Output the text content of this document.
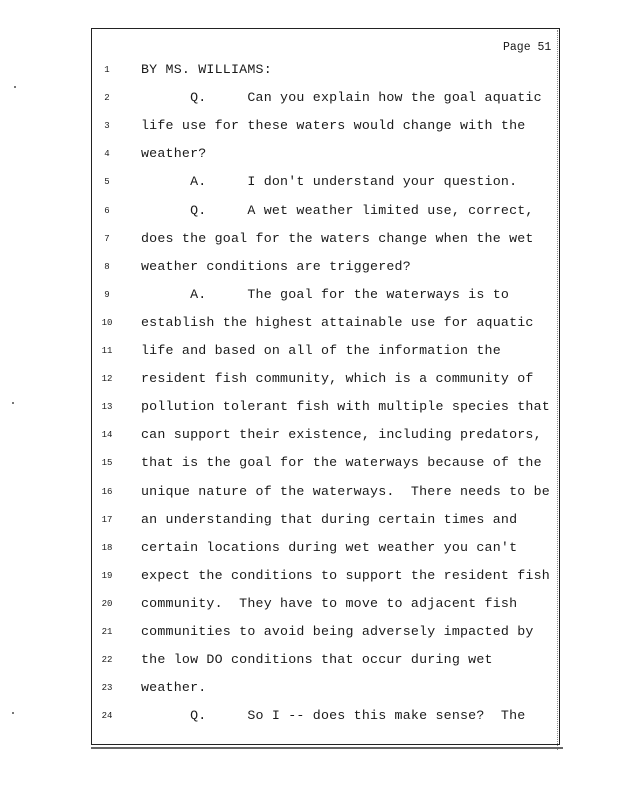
Page 51
1	BY MS. WILLIAMS:
2	Q.     Can you explain how the goal aquatic
3	life use for these waters would change with the
4	weather?
5	A.     I don't understand your question.
6	Q.     A wet weather limited use, correct,
7	does the goal for the waters change when the wet
8	weather conditions are triggered?
9	A.     The goal for the waterways is to
10	establish the highest attainable use for aquatic
11	life and based on all of the information the
12	resident fish community, which is a community of
13	pollution tolerant fish with multiple species that
14	can support their existence, including predators,
15	that is the goal for the waterways because of the
16	unique nature of the waterways.  There needs to be
17	an understanding that during certain times and
18	certain locations during wet weather you can't
19	expect the conditions to support the resident fish
20	community.  They have to move to adjacent fish
21	communities to avoid being adversely impacted by
22	the low DO conditions that occur during wet
23	weather.
24	Q.     So I -- does this make sense?  The
